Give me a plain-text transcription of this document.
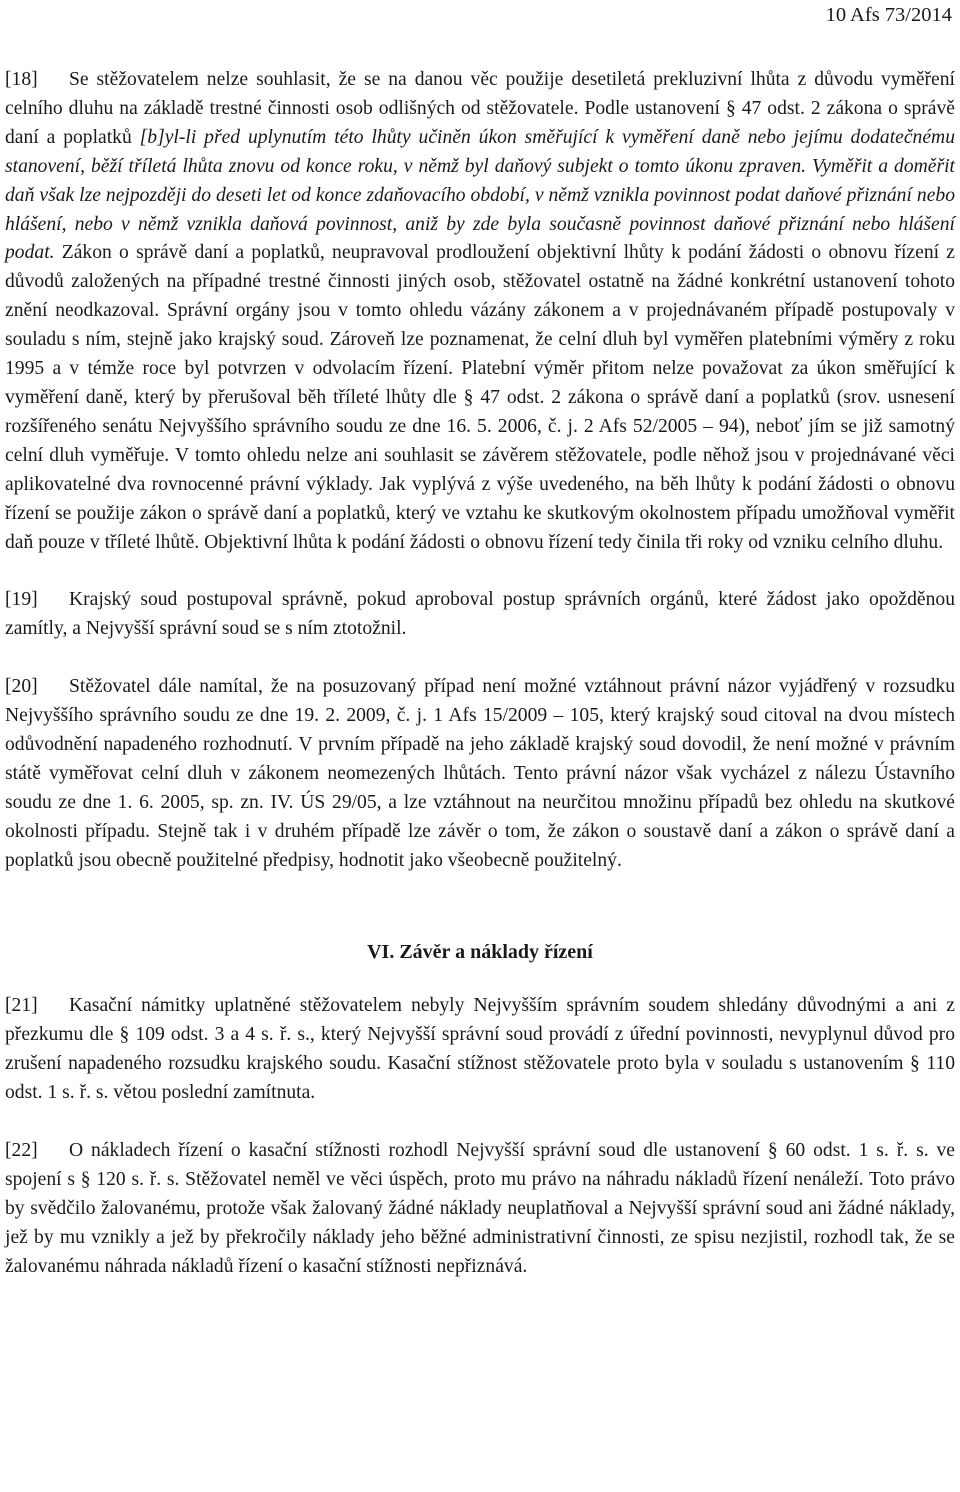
10 Afs 73/2014

[18] Se stěžovatelem nelze souhlasit, že se na danou věc použije desetiletá prekluzivní lhůta z důvodu vyměření celního dluhu na základě trestné činnosti osob odlišných od stěžovatele. Podle ustanovení § 47 odst. 2 zákona o správě daní a poplatků [b]yl-li před uplynutím této lhůty učiněn úkon směřující k vyměření daně nebo jejímu dodatečnému stanovení, běží tříletá lhůta znovu od konce roku, v němž byl daňový subjekt o tomto úkonu zpraven. Vyměřit a doměřit daň však lze nejpozději do deseti let od konce zdaňovacího období, v němž vznikla povinnost podat daňové přiznání nebo hlášení, nebo v němž vznikla daňová povinnost, aniž by zde byla současně povinnost daňové přiznání nebo hlášení podat. Zákon o správě daní a poplatků, neupravoval prodloužení objektivní lhůty k podání žádosti o obnovu řízení z důvodů založených na případné trestné činnosti jiných osob, stěžovatel ostatně na žádné konkrétní ustanovení tohoto znění neodkazoval. Správní orgány jsou v tomto ohledu vázány zákonem a v projednávaném případě postupovaly v souladu s ním, stejně jako krajský soud. Zároveň lze poznamenat, že celní dluh byl vyměřen platebními výměry z roku 1995 a v témže roce byl potvrzen v odvolacím řízení. Platební výměr přitom nelze považovat za úkon směřující k vyměření daně, který by přerušoval běh tříleté lhůty dle § 47 odst. 2 zákona o správě daní a poplatků (srov. usnesení rozšířeného senátu Nejvyššího správního soudu ze dne 16. 5. 2006, č. j. 2 Afs 52/2005 – 94), neboť jím se již samotný celní dluh vyměřuje. V tomto ohledu nelze ani souhlasit se závěrem stěžovatele, podle něhož jsou v projednávané věci aplikovatelné dva rovnocenné právní výklady. Jak vyplývá z výše uvedeného, na běh lhůty k podání žádosti o obnovu řízení se použije zákon o správě daní a poplatků, který ve vztahu ke skutkovým okolnostem případu umožňoval vyměřit daň pouze v tříleté lhůtě. Objektivní lhůta k podání žádosti o obnovu řízení tedy činila tři roky od vzniku celního dluhu.

[19] Krajský soud postupoval správně, pokud aproboval postup správních orgánů, které žádost jako opožděnou zamítly, a Nejvyšší správní soud se s ním ztotožnil.

[20] Stěžovatel dále namítal, že na posuzovaný případ není možné vztáhnout právní názor vyjádřený v rozsudku Nejvyššího správního soudu ze dne 19. 2. 2009, č. j. 1 Afs 15/2009 – 105, který krajský soud citoval na dvou místech odůvodnění napadeného rozhodnutí. V prvním případě na jeho základě krajský soud dovodil, že není možné v právním státě vyměřovat celní dluh v zákonem neomezených lhůtách. Tento právní názor však vycházel z nálezu Ústavního soudu ze dne 1. 6. 2005, sp. zn. IV. ÚS 29/05, a lze vztáhnout na neurčitou množinu případů bez ohledu na skutkové okolnosti případu. Stejně tak i v druhém případě lze závěr o tom, že zákon o soustavě daní a zákon o správě daní a poplatků jsou obecně použitelné předpisy, hodnotit jako všeobecně použitelný.

VI. Závěr a náklady řízení

[21] Kasační námitky uplatněné stěžovatelem nebyly Nejvyšším správním soudem shledány důvodnými a ani z přezkumu dle § 109 odst. 3 a 4 s. ř. s., který Nejvyšší správní soud provádí z úřední povinnosti, nevyplynul důvod pro zrušení napadeného rozsudku krajského soudu. Kasační stížnost stěžovatele proto byla v souladu s ustanovením § 110 odst. 1 s. ř. s. větou poslední zamítnuta.

[22] O nákladech řízení o kasační stížnosti rozhodl Nejvyšší správní soud dle ustanovení § 60 odst. 1 s. ř. s. ve spojení s § 120 s. ř. s. Stěžovatel neměl ve věci úspěch, proto mu právo na náhradu nákladů řízení nenáleží. Toto právo by svědčilo žalovanému, protože však žalovaný žádné náklady neuplatňoval a Nejvyšší správní soud ani žádné náklady, jež by mu vznikly a jež by překročily náklady jeho běžné administrativní činnosti, ze spisu nezjistil, rozhodl tak, že se žalovanému náhrada nákladů řízení o kasační stížnosti nepřiznává.
